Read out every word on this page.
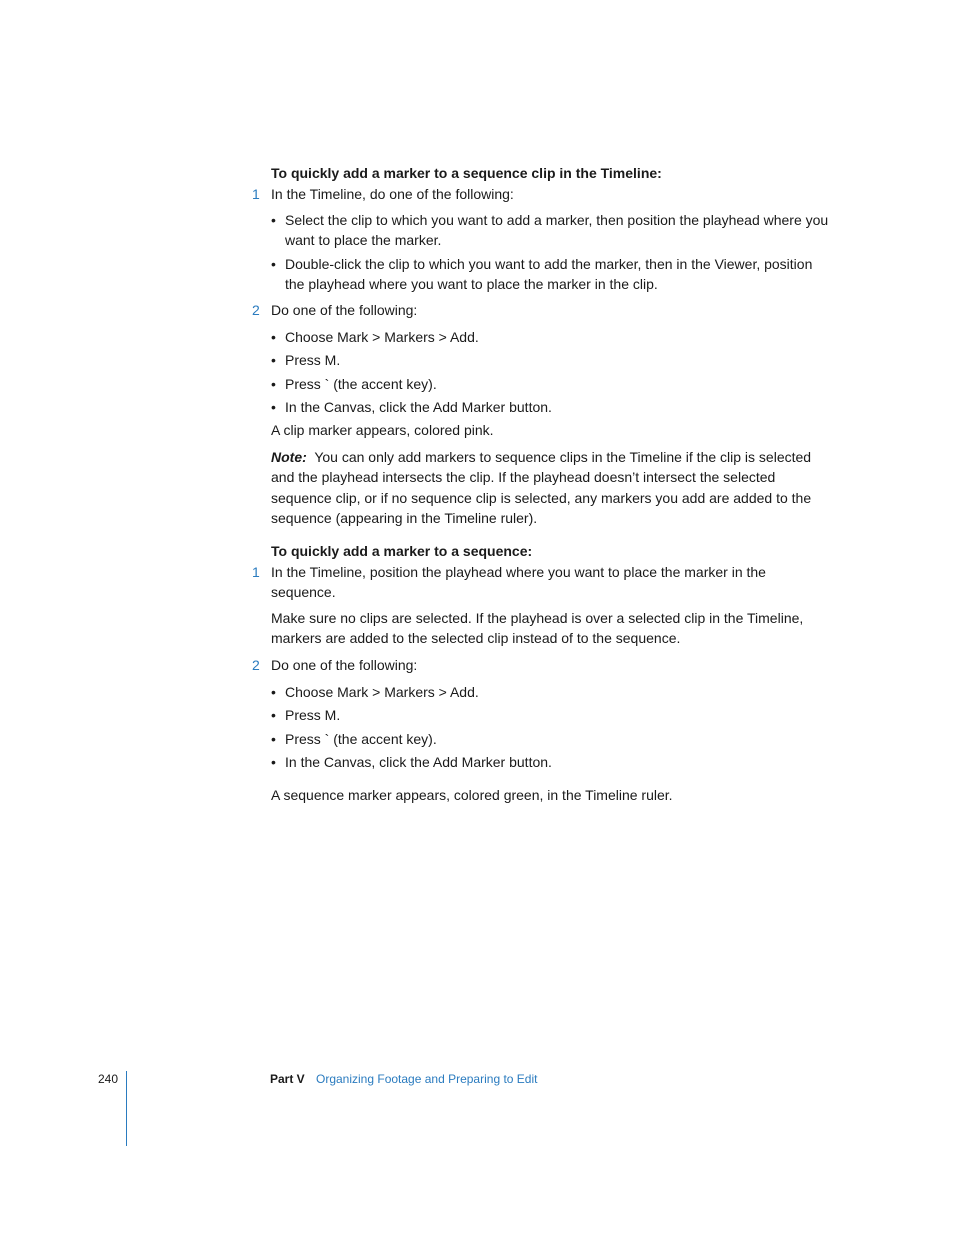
To quickly add a marker to a sequence clip in the Timeline:

1 In the Timeline, do one of the following:
• Select the clip to which you want to add a marker, then position the playhead where you want to place the marker.
• Double-click the clip to which you want to add the marker, then in the Viewer, position the playhead where you want to place the marker in the clip.
2 Do one of the following:
• Choose Mark > Markers > Add.
• Press M.
• Press ` (the accent key).
• In the Canvas, click the Add Marker button.

A clip marker appears, colored pink.

Note: You can only add markers to sequence clips in the Timeline if the clip is selected and the playhead intersects the clip. If the playhead doesn’t intersect the selected sequence clip, or if no sequence clip is selected, any markers you add are added to the sequence (appearing in the Timeline ruler).

To quickly add a marker to a sequence:

1 In the Timeline, position the playhead where you want to place the marker in the sequence.

Make sure no clips are selected. If the playhead is over a selected clip in the Timeline, markers are added to the selected clip instead of to the sequence.

2 Do one of the following:
• Choose Mark > Markers > Add.
• Press M.
• Press ` (the accent key).
• In the Canvas, click the Add Marker button.

A sequence marker appears, colored green, in the Timeline ruler.

240	Part V Organizing Footage and Preparing to Edit
